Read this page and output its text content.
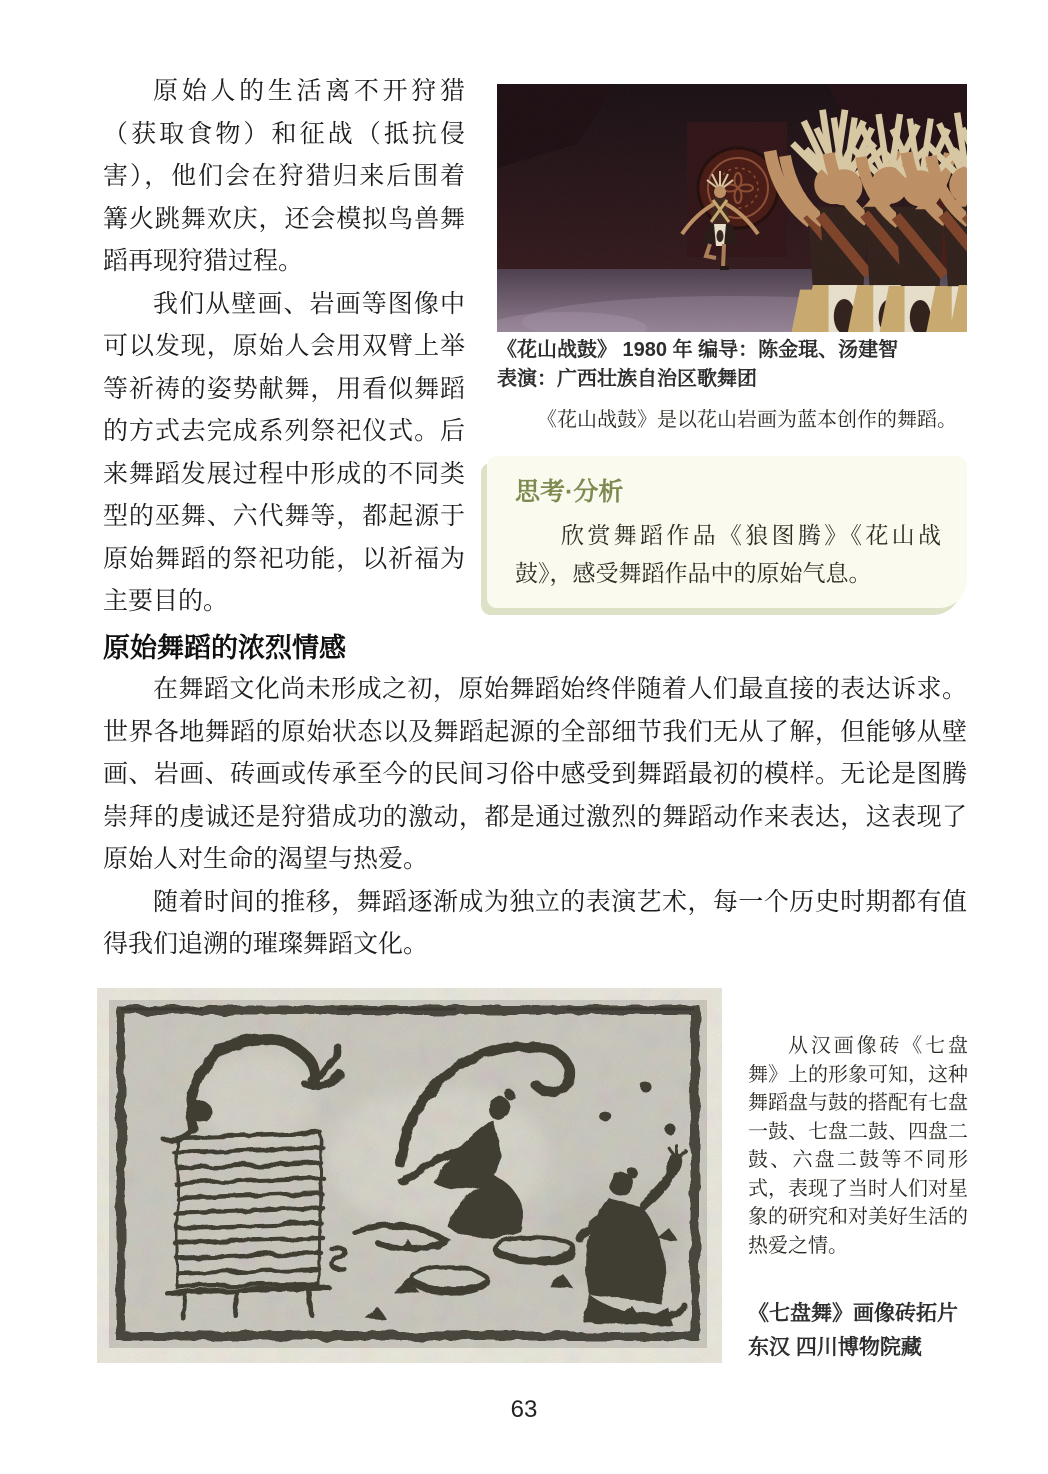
原始人的生活离不开狩猎（获取食物）和征战（抵抗侵害），他们会在狩猎归来后围着篝火跳舞欢庆，还会模拟鸟兽舞蹈再现狩猎过程。

我们从壁画、岩画等图像中可以发现，原始人会用双臂上举等祈祷的姿势献舞，用看似舞蹈的方式去完成系列祭祀仪式。后来舞蹈发展过程中形成的不同类型的巫舞、六代舞等，都起源于原始舞蹈的祭祀功能，以祈福为主要目的。

《花山战鼓》 1980 年 编导：陈金琨、汤建智
表演：广西壮族自治区歌舞团
《花山战鼓》是以花山岩画为蓝本创作的舞蹈。

思考·分析

欣赏舞蹈作品《狼图腾》《花山战鼓》，感受舞蹈作品中的原始气息。

原始舞蹈的浓烈情感

在舞蹈文化尚未形成之初，原始舞蹈始终伴随着人们最直接的表达诉求。世界各地舞蹈的原始状态以及舞蹈起源的全部细节我们无从了解，但能够从壁画、岩画、砖画或传承至今的民间习俗中感受到舞蹈最初的模样。无论是图腾崇拜的虔诚还是狩猎成功的激动，都是通过激烈的舞蹈动作来表达，这表现了原始人对生命的渴望与热爱。

随着时间的推移，舞蹈逐渐成为独立的表演艺术，每一个历史时期都有值得我们追溯的璀璨舞蹈文化。

从汉画像砖《七盘舞》上的形象可知，这种舞蹈盘与鼓的搭配有七盘一鼓、七盘二鼓、四盘二鼓、六盘二鼓等不同形式，表现了当时人们对星象的研究和对美好生活的热爱之情。
《七盘舞》画像砖拓片
东汉 四川博物院藏
63
